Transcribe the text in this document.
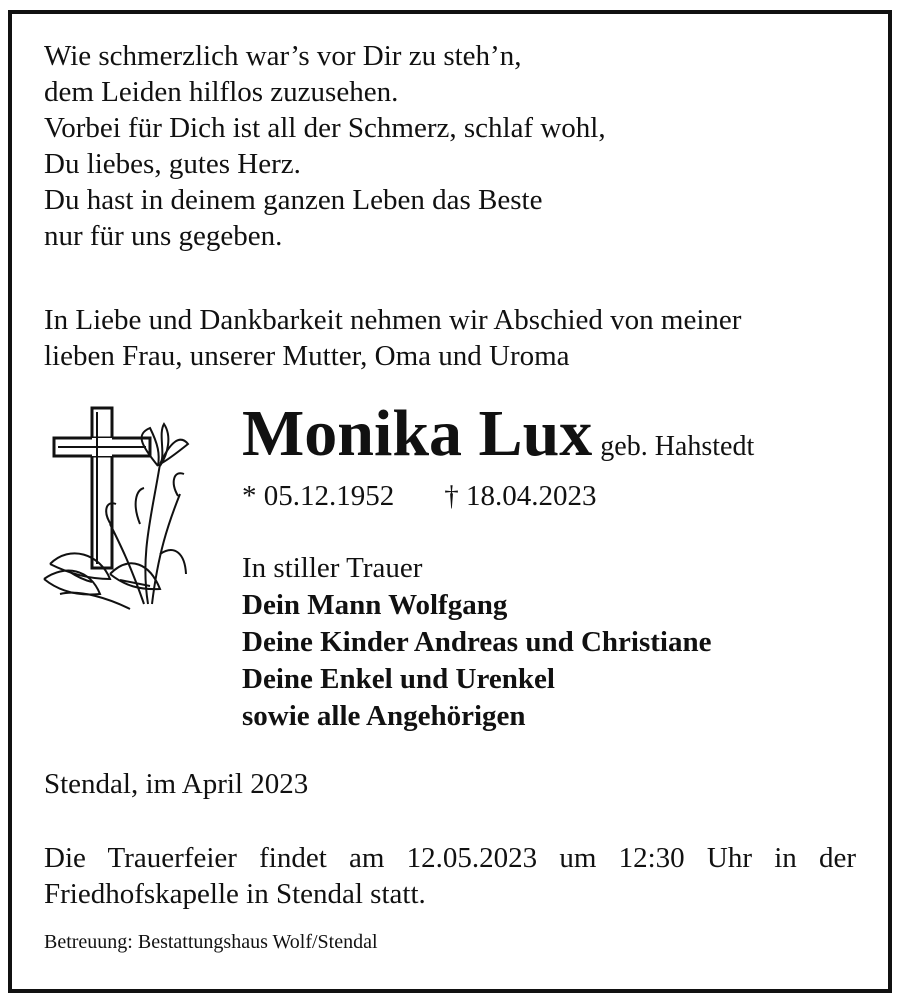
Wie schmerzlich war’s vor Dir zu steh’n,
dem Leiden hilflos zuzusehen.
Vorbei für Dich ist all der Schmerz, schlaf wohl,
Du liebes, gutes Herz.
Du hast in deinem ganzen Leben das Beste
nur für uns gegeben.
In Liebe und Dankbarkeit nehmen wir Abschied von meiner
lieben Frau, unserer Mutter, Oma und Uroma
Monika Lux geb. Hahstedt
* 05.12.1952 † 18.04.2023
In stiller Trauer
Dein Mann Wolfgang
Deine Kinder Andreas und Christiane
Deine Enkel und Urenkel
sowie alle Angehörigen
Stendal, im April 2023
Die Trauerfeier findet am 12.05.2023 um 12:30 Uhr in der
Friedhofskapelle in Stendal statt.
Betreuung: Bestattungshaus Wolf/Stendal
